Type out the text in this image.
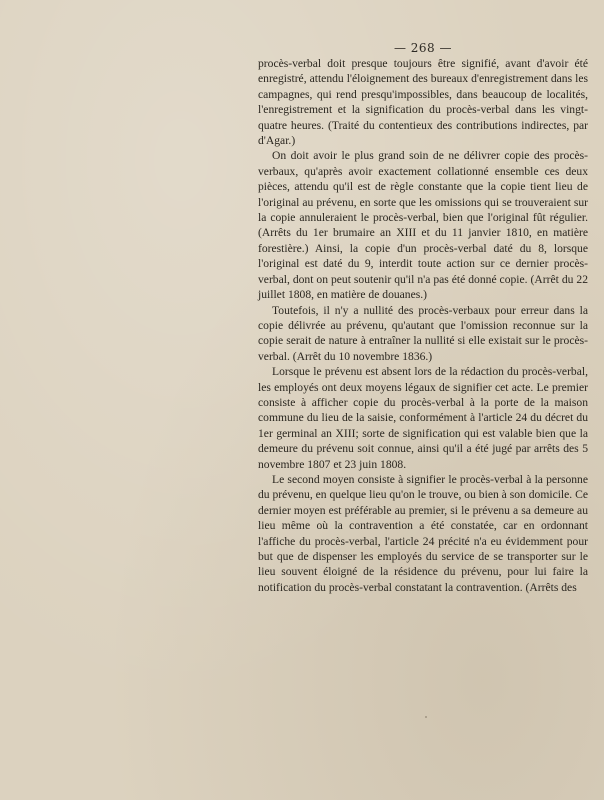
— 268 —

procès-verbal doit presque toujours être signifié, avant d'avoir été enregistré, attendu l'éloignement des bureaux d'enregistrement dans les campagnes, qui rend presqu'impossibles, dans beaucoup de localités, l'enregistrement et la signification du procès-verbal dans les vingt-quatre heures. (Traité du contentieux des contributions indirectes, par d'Agar.)

On doit avoir le plus grand soin de ne délivrer copie des procès-verbaux, qu'après avoir exactement collationné ensemble ces deux pièces, attendu qu'il est de règle constante que la copie tient lieu de l'original au prévenu, en sorte que les omissions qui se trouveraient sur la copie annuleraient le procès-verbal, bien que l'original fût régulier. (Arrêts du 1er brumaire an XIII et du 11 janvier 1810, en matière forestière.) Ainsi, la copie d'un procès-verbal daté du 8, lorsque l'original est daté du 9, interdit toute action sur ce dernier procès-verbal, dont on peut soutenir qu'il n'a pas été donné copie. (Arrêt du 22 juillet 1808, en matière de douanes.)

Toutefois, il n'y a nullité des procès-verbaux pour erreur dans la copie délivrée au prévenu, qu'autant que l'omission reconnue sur la copie serait de nature à entraîner la nullité si elle existait sur le procès-verbal. (Arrêt du 10 novembre 1836.)

Lorsque le prévenu est absent lors de la rédaction du procès-verbal, les employés ont deux moyens légaux de signifier cet acte. Le premier consiste à afficher copie du procès-verbal à la porte de la maison commune du lieu de la saisie, conformément à l'article 24 du décret du 1er germinal an XIII; sorte de signification qui est valable bien que la demeure du prévenu soit connue, ainsi qu'il a été jugé par arrêts des 5 novembre 1807 et 23 juin 1808.

Le second moyen consiste à signifier le procès-verbal à la personne du prévenu, en quelque lieu qu'on le trouve, ou bien à son domicile. Ce dernier moyen est préférable au premier, si le prévenu a sa demeure au lieu même où la contravention a été constatée, car en ordonnant l'affiche du procès-verbal, l'article 24 précité n'a eu évidemment pour but que de dispenser les employés du service de se transporter sur le lieu souvent éloigné de la résidence du prévenu, pour lui faire la notification du procès-verbal constatant la contravention. (Arrêts des
